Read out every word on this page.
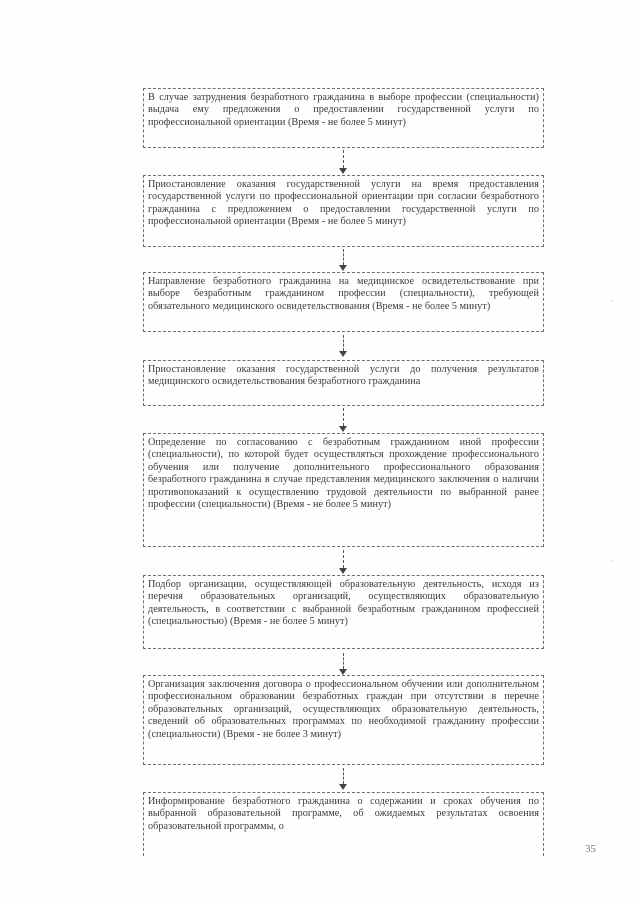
В случае затруднения безработного гражданина в выборе профессии (специальности) выдача ему предложения о предоставлении государственной услуги по профессиональной ориентации (Время - не более 5 минут)
Приостановление оказания государственной услуги на время предоставления государственной услуги по профессиональной ориентации при согласии безработного гражданина с предложением о предоставлении государственной услуги по профессиональной ориентации (Время - не более 5 минут)
Направление безработного гражданина на медицинское освидетельствование при выборе безработным гражданином профессии (специальности), требующей обязательного медицинского освидетельствования (Время - не более 5 минут)
Приостановление оказания государственной услуги до получения результатов медицинского освидетельствования безработного гражданина
Определение по согласованию с безработным гражданином иной профессии (специальности), по которой будет осуществляться прохождение профессионального обучения или получение дополнительного профессионального образования безработного гражданина в случае представления медицинского заключения о наличии противопоказаний к осуществлению трудовой деятельности по выбранной ранее профессии (специальности) (Время - не более 5 минут)
Подбор организации, осуществляющей образовательную деятельность, исходя из перечня образовательных организаций, осуществляющих образовательную деятельность, в соответствии с выбранной безработным гражданином профессией (специальностью) (Время - не более 5 минут)
Организация заключения договора о профессиональном обучении или дополнительном профессиональном образовании безработных граждан при отсутствии в перечне образовательных организаций, осуществляющих образовательную деятельность, сведений об образовательных программах по необходимой гражданину профессии (специальности) (Время - не более 3 минут)
Информирование безработного гражданина о содержании и сроках обучения по выбранной образовательной программе, об ожидаемых результатах освоения образовательной программы, о
35
